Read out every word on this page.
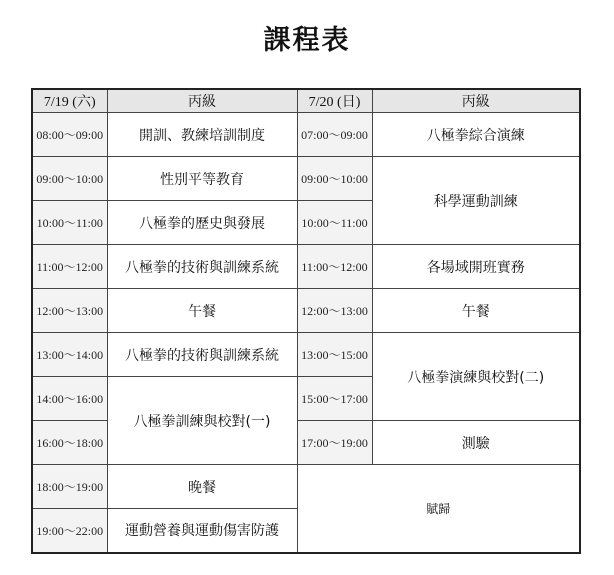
課程表
7/19 (六)	丙級	7/20 (日)	丙級
08:00～09:00	開訓、教練培訓制度	07:00～09:00	八極拳綜合演練
09:00～10:00	性別平等教育	09:00～10:00	科學運動訓練
10:00～11:00	八極拳的歷史與發展	10:00～11:00	
11:00～12:00	八極拳的技術與訓練系統	11:00～12:00	各場域開班實務
12:00～13:00	午餐	12:00～13:00	午餐
13:00～14:00	八極拳的技術與訓練系統	13:00～15:00	八極拳演練與校對(二)
14:00～16:00	八極拳訓練與校對(一)	15:00～17:00	
16:00～18:00		17:00～19:00	測驗
18:00～19:00	晚餐	賦歸	
19:00～22:00	運動營養與運動傷害防護		
